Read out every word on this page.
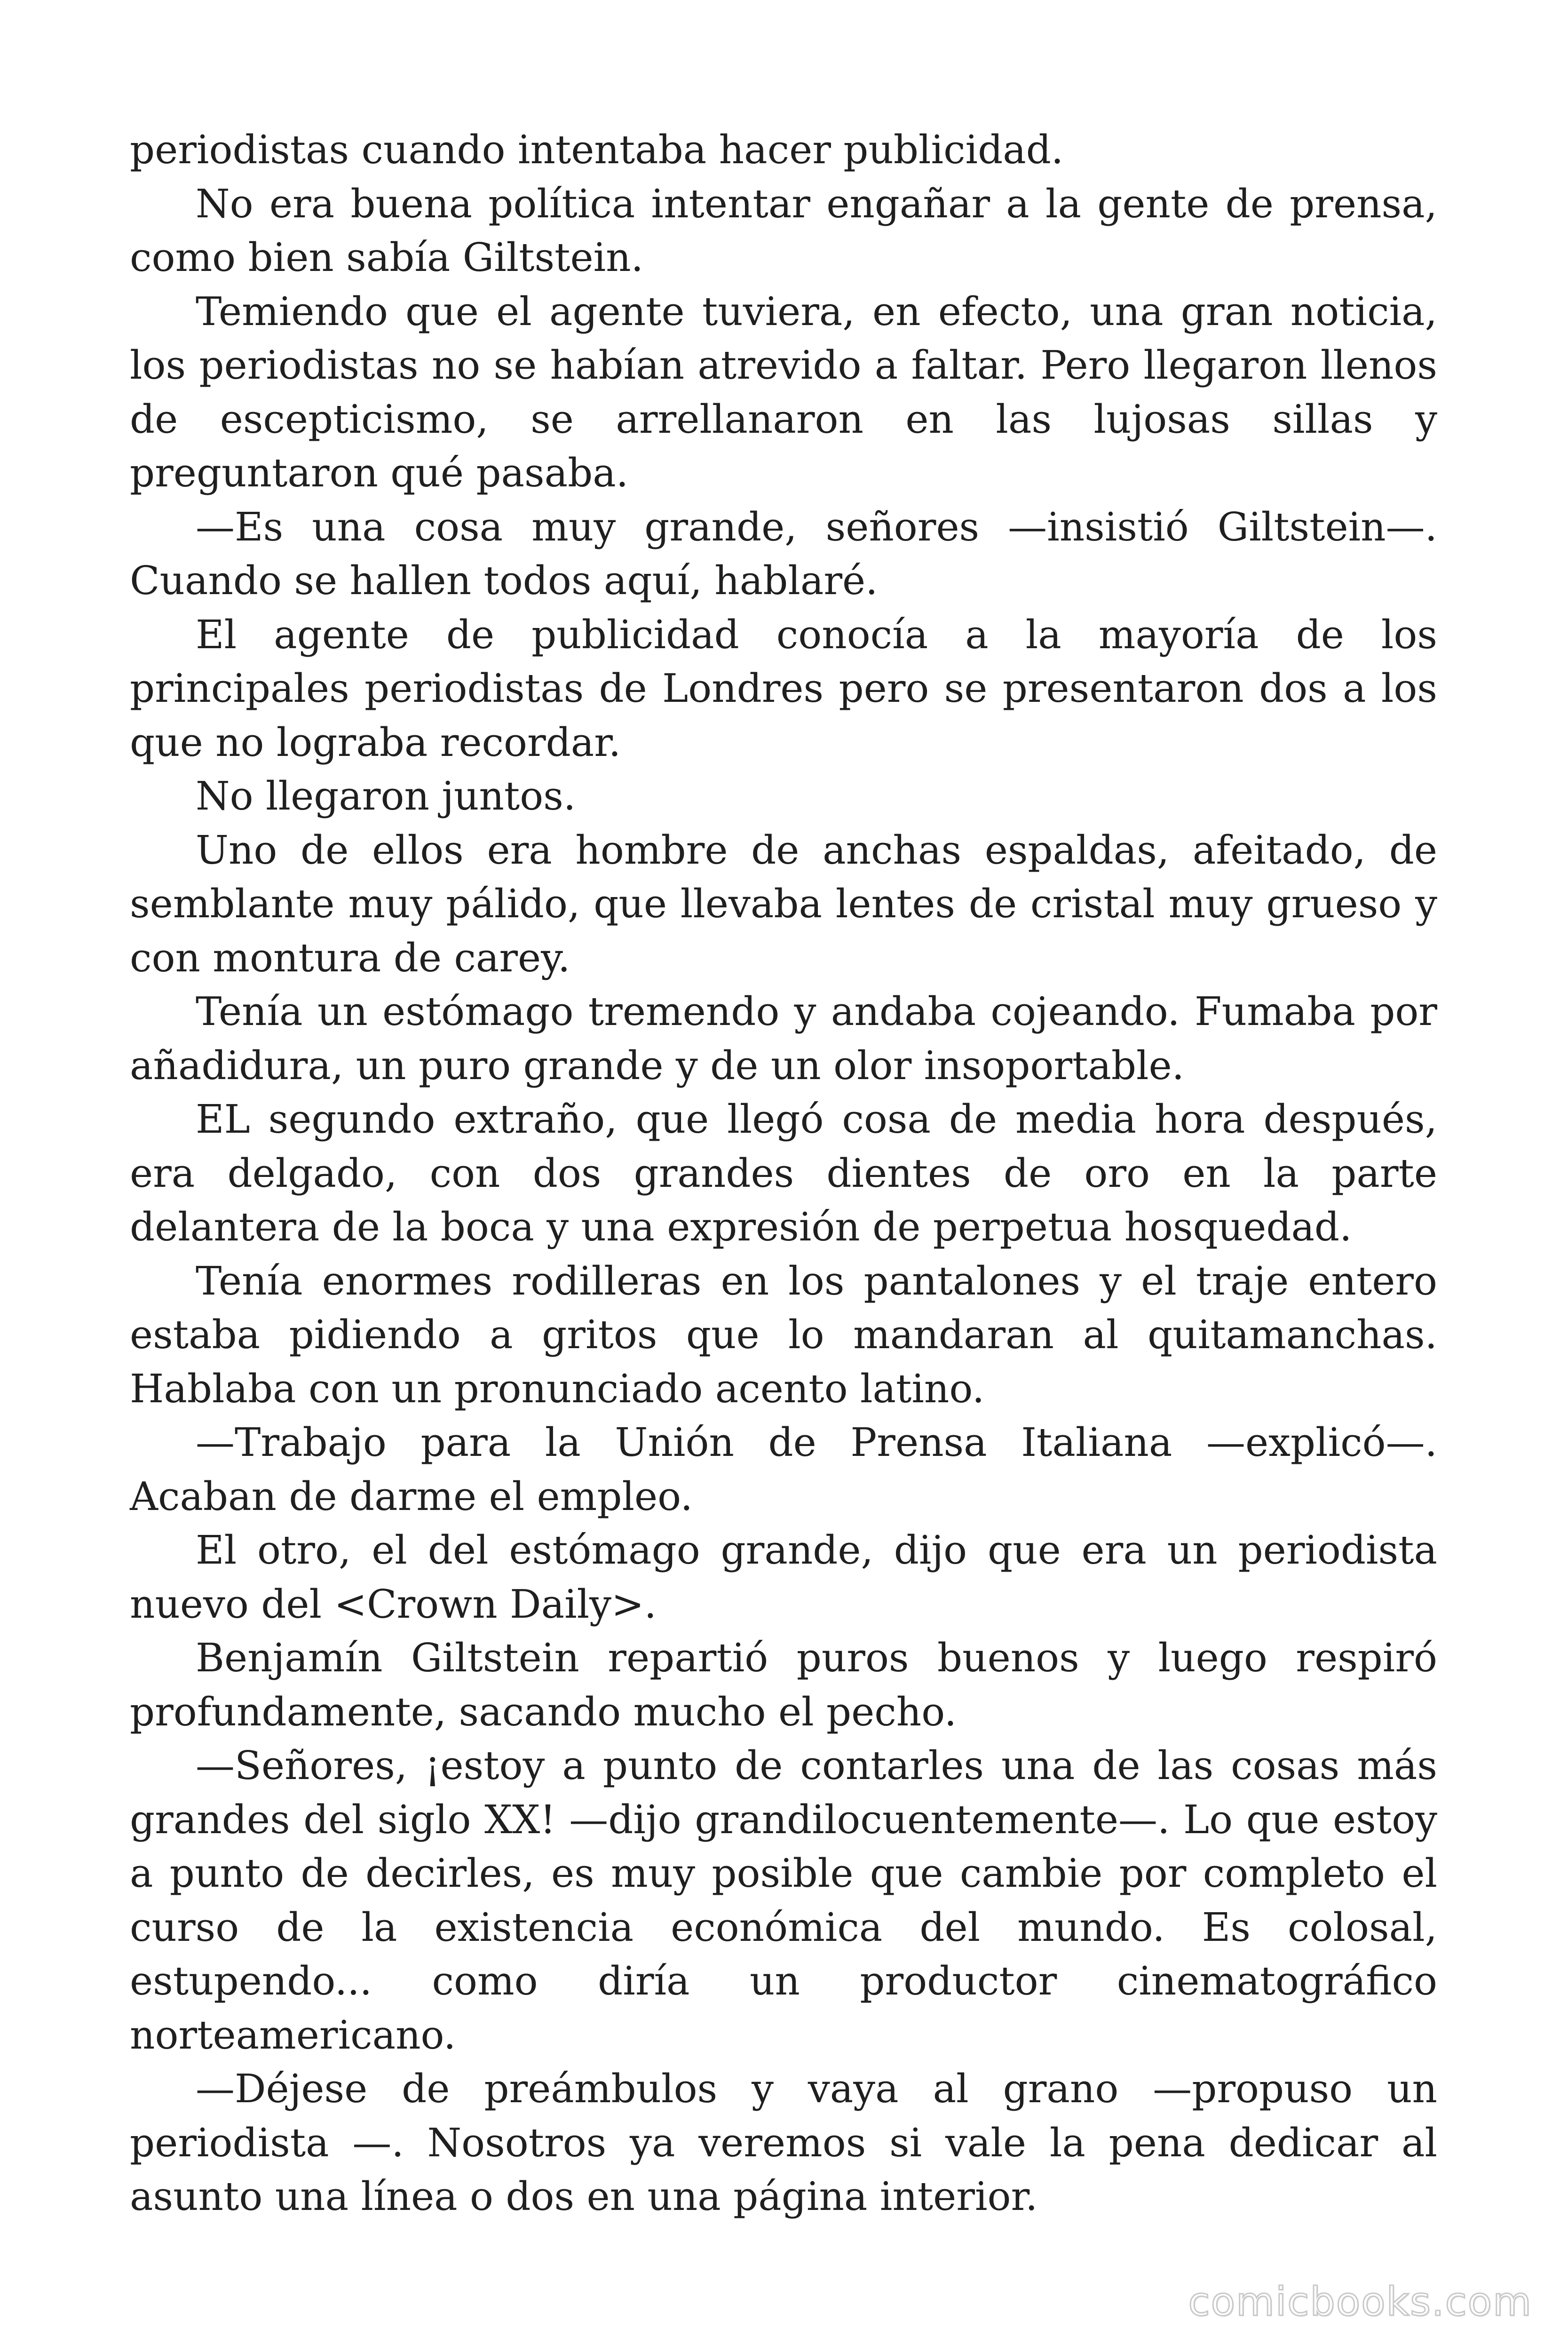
periodistas cuando intentaba hacer publicidad.

No era buena política intentar engañar a la gente de prensa, como bien sabía Giltstein.

Temiendo que el agente tuviera, en efecto, una gran noticia, los periodistas no se habían atrevido a faltar. Pero llegaron llenos de escepticismo, se arrellanaron en las lujosas sillas y preguntaron qué pasaba.

—Es una cosa muy grande, señores —insistió Giltstein—. Cuando se hallen todos aquí, hablaré.

El agente de publicidad conocía a la mayoría de los principales periodistas de Londres pero se presentaron dos a los que no lograba recordar.

No llegaron juntos.

Uno de ellos era hombre de anchas espaldas, afeitado, de semblante muy pálido, que llevaba lentes de cristal muy grueso y con montura de carey.

Tenía un estómago tremendo y andaba cojeando. Fumaba por añadidura, un puro grande y de un olor insoportable.

EL segundo extraño, que llegó cosa de media hora después, era delgado, con dos grandes dientes de oro en la parte delantera de la boca y una expresión de perpetua hosquedad.

Tenía enormes rodilleras en los pantalones y el traje entero estaba pidiendo a gritos que lo mandaran al quitamanchas. Hablaba con un pronunciado acento latino.

—Trabajo para la Unión de Prensa Italiana —explicó—. Acaban de darme el empleo.

El otro, el del estómago grande, dijo que era un periodista nuevo del <Crown Daily>.

Benjamín Giltstein repartió puros buenos y luego respiró profundamente, sacando mucho el pecho.

—Señores, ¡estoy a punto de contarles una de las cosas más grandes del siglo XX! —dijo grandilocuentemente—. Lo que estoy a punto de decirles, es muy posible que cambie por completo el curso de la existencia económica del mundo. Es colosal, estupendo... como diría un productor cinematográfico norteamericano.

—Déjese de preámbulos y vaya al grano —propuso un periodista —. Nosotros ya veremos si vale la pena dedicar al asunto una línea o dos en una página interior.

comicbooks.com
